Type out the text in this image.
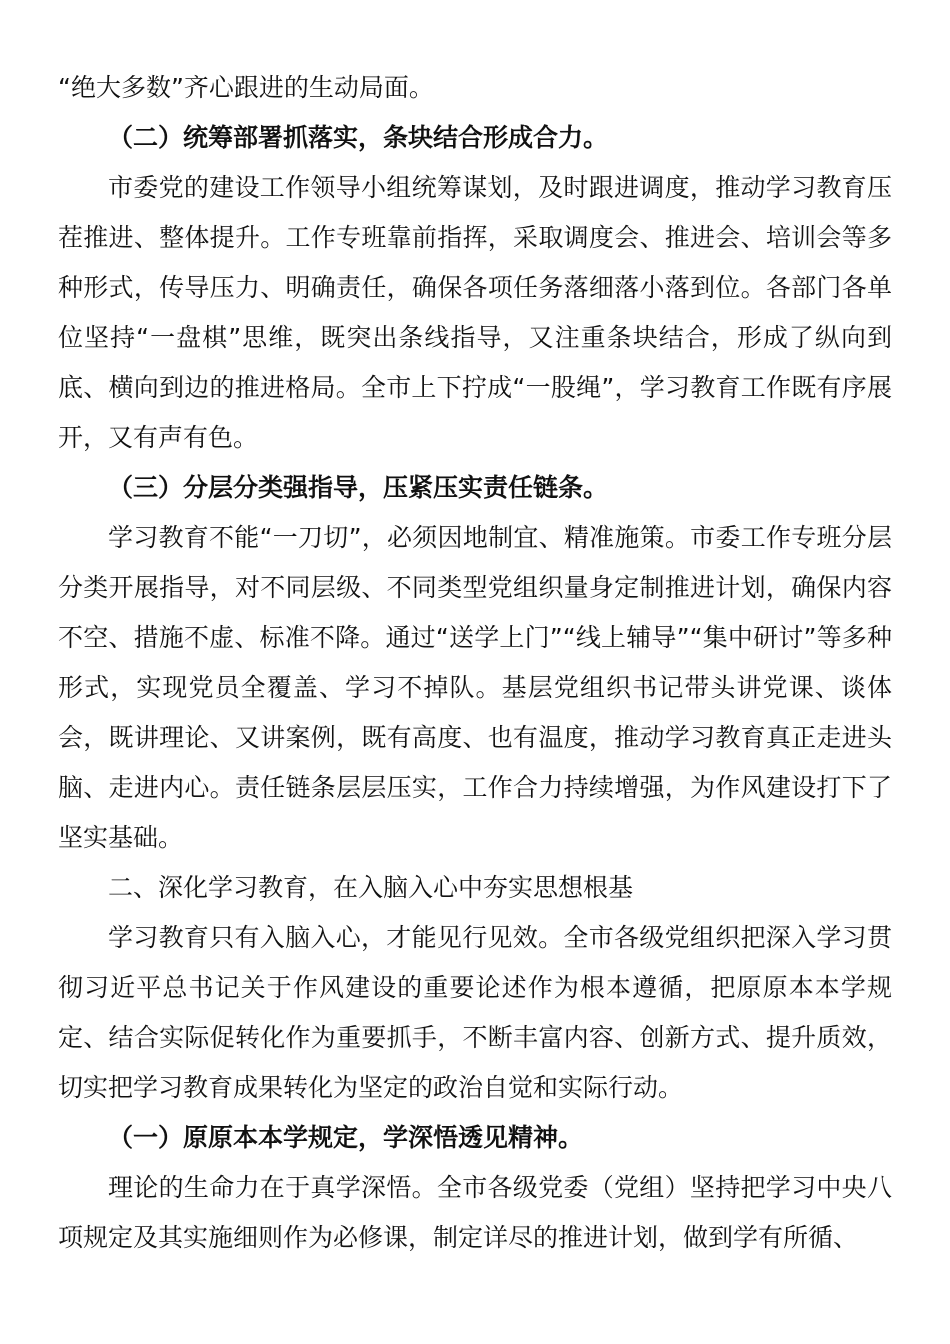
“绝大多数”齐心跟进的生动局面。

（二）统筹部署抓落实，条块结合形成合力。

市委党的建设工作领导小组统筹谋划，及时跟进调度，推动学习教育压茬推进、整体提升。工作专班靠前指挥，采取调度会、推进会、培训会等多种形式，传导压力、明确责任，确保各项任务落细落小落到位。各部门各单位坚持“一盘棋”思维，既突出条线指导，又注重条块结合，形成了纵向到底、横向到边的推进格局。全市上下拧成“一股绳”，学习教育工作既有序展开，又有声有色。

（三）分层分类强指导，压紧压实责任链条。

学习教育不能“一刀切”，必须因地制宜、精准施策。市委工作专班分层分类开展指导，对不同层级、不同类型党组织量身定制推进计划，确保内容不空、措施不虚、标准不降。通过“送学上门”“线上辅导”“集中研讨”等多种形式，实现党员全覆盖、学习不掉队。基层党组织书记带头讲党课、谈体会，既讲理论、又讲案例，既有高度、也有温度，推动学习教育真正走进头脑、走进内心。责任链条层层压实，工作合力持续增强，为作风建设打下了坚实基础。

二、深化学习教育，在入脑入心中夯实思想根基

学习教育只有入脑入心，才能见行见效。全市各级党组织把深入学习贯彻习近平总书记关于作风建设的重要论述作为根本遵循，把原原本本学规定、结合实际促转化作为重要抓手，不断丰富内容、创新方式、提升质效，切实把学习教育成果转化为坚定的政治自觉和实际行动。

（一）原原本本学规定，学深悟透见精神。

理论的生命力在于真学深悟。全市各级党委（党组）坚持把学习中央八项规定及其实施细则作为必修课，制定详尽的推进计划，做到学有所循、
